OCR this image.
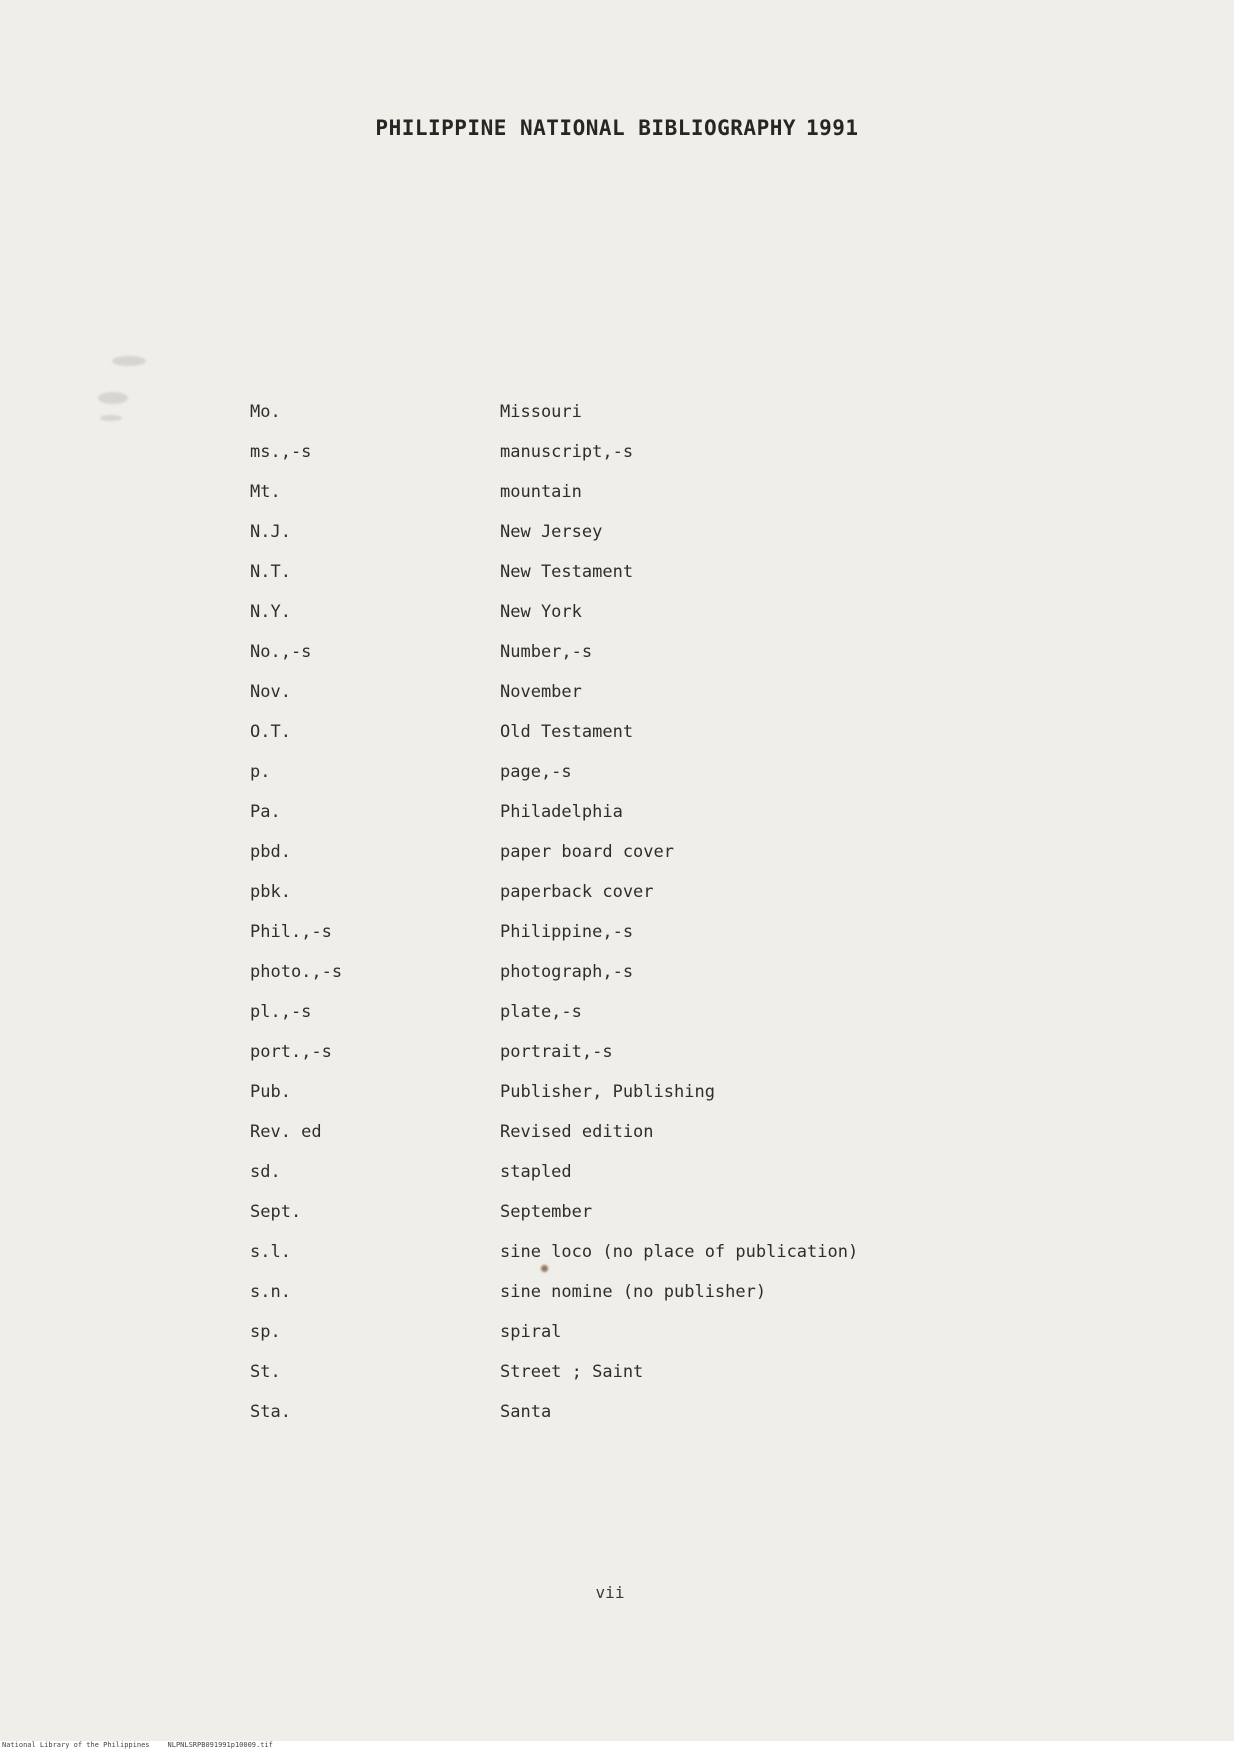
PHILIPPINE NATIONAL BIBLIOGRAPHY 1991
Mo.	Missouri
ms.,-s	manuscript,-s
Mt.	mountain
N.J.	New Jersey
N.T.	New Testament
N.Y.	New York
No.,-s	Number,-s
Nov.	November
O.T.	Old Testament
p.	page,-s
Pa.	Philadelphia
pbd.	paper board cover
pbk.	paperback cover
Phil.,-s	Philippine,-s
photo.,-s	photograph,-s
pl.,-s	plate,-s
port.,-s	portrait,-s
Pub.	Publisher, Publishing
Rev. ed	Revised edition
sd.	stapled
Sept.	September
s.l.	sine loco (no place of publication)
s.n.	sine nomine (no publisher)
sp.	spiral
St.	Street ; Saint
Sta.	Santa
vii
National Library of the Philippines	NLPNLSRPB091991p10009.tif
